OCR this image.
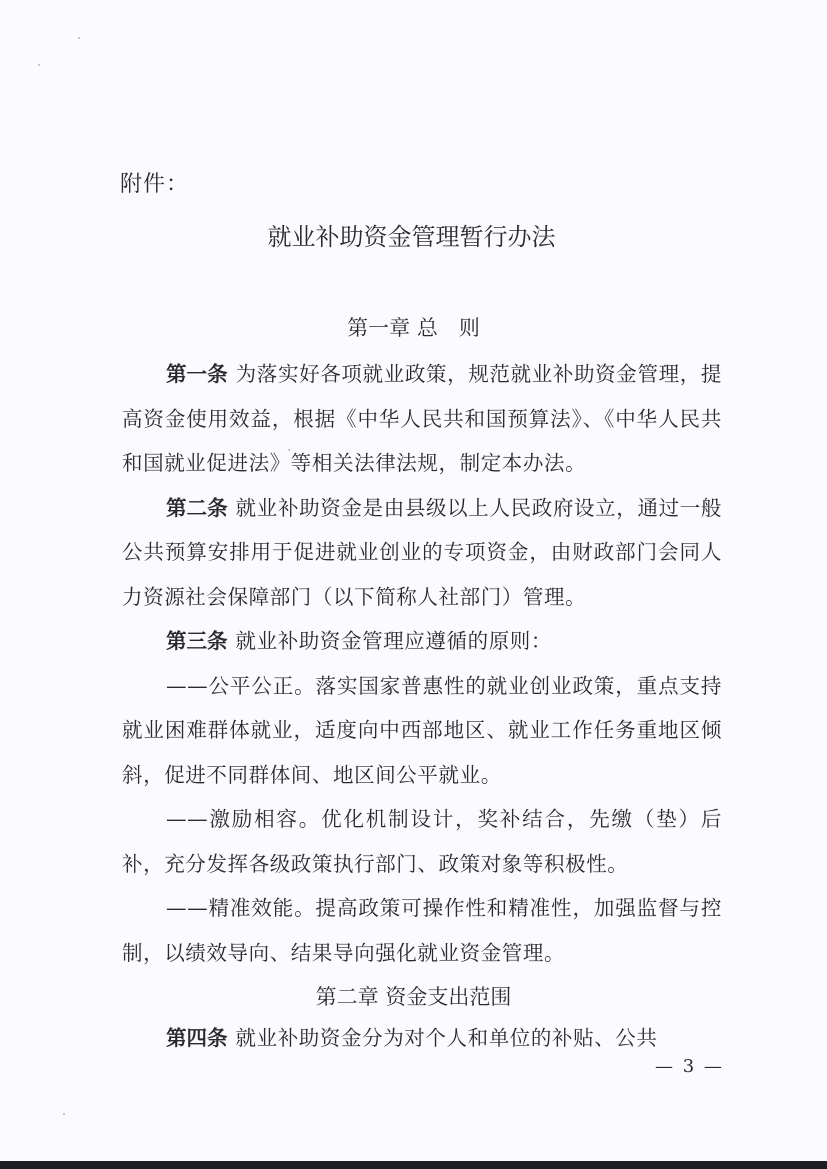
附件：
就业补助资金管理暂行办法
第一章 总　则

第一条 为落实好各项就业政策，规范就业补助资金管理，提高资金使用效益，根据《中华人民共和国预算法》、《中华人民共和国就业促进法》等相关法律法规，制定本办法。

第二条 就业补助资金是由县级以上人民政府设立，通过一般公共预算安排用于促进就业创业的专项资金，由财政部门会同人力资源社会保障部门（以下简称人社部门）管理。

第三条 就业补助资金管理应遵循的原则：

——公平公正。落实国家普惠性的就业创业政策，重点支持就业困难群体就业，适度向中西部地区、就业工作任务重地区倾斜，促进不同群体间、地区间公平就业。

——激励相容。优化机制设计，奖补结合，先缴（垫）后补，充分发挥各级政策执行部门、政策对象等积极性。

——精准效能。提高政策可操作性和精准性，加强监督与控制，以绩效导向、结果导向强化就业资金管理。

第二章 资金支出范围

第四条 就业补助资金分为对个人和单位的补贴、公共

— 3 —
